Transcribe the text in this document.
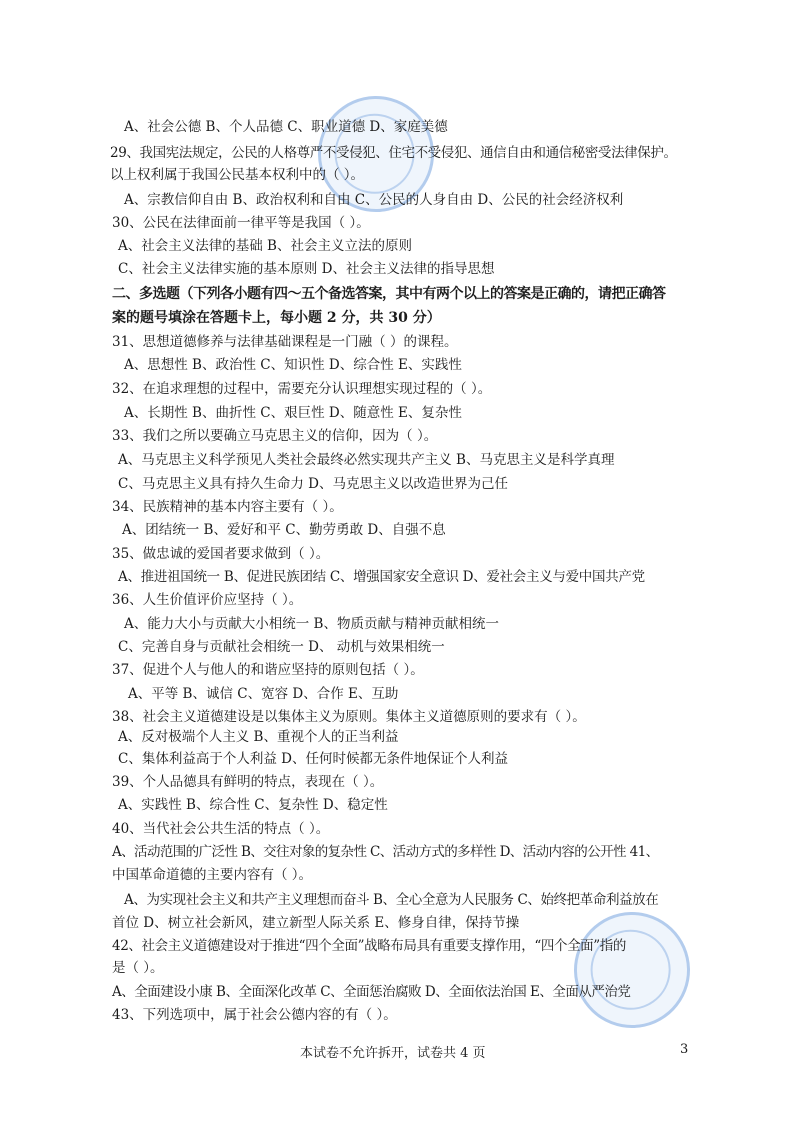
A、社会公德 B、个人品德 C、职业道德 D、家庭美德
29、我国宪法规定，公民的人格尊严不受侵犯、住宅不受侵犯、通信自由和通信秘密受法律保护。
以上权利属于我国公民基本权利中的（ ）。
A、宗教信仰自由 B、政治权利和自由 C、公民的人身自由 D、公民的社会经济权利
30、公民在法律面前一律平等是我国（ ）。
A、社会主义法律的基础 B、社会主义立法的原则
C、社会主义法律实施的基本原则 D、社会主义法律的指导思想
二、多选题（下列各小题有四～五个备选答案，其中有两个以上的答案是正确的，请把正确答
案的题号填涂在答题卡上，每小题 2 分，共 30 分）
31、思想道德修养与法律基础课程是一门融（ ）的课程。
A、思想性 B、政治性 C、知识性 D、综合性 E、实践性
32、在追求理想的过程中，需要充分认识理想实现过程的（ ）。
A、长期性 B、曲折性 C、艰巨性 D、随意性 E、复杂性
33、我们之所以要确立马克思主义的信仰，因为（ ）。
A、马克思主义科学预见人类社会最终必然实现共产主义 B、马克思主义是科学真理
C、马克思主义具有持久生命力 D、马克思主义以改造世界为己任
34、民族精神的基本内容主要有（ ）。
A、团结统一 B、爱好和平 C、勤劳勇敢 D、自强不息
35、做忠诚的爱国者要求做到（ ）。
A、推进祖国统一 B、促进民族团结 C、增强国家安全意识 D、爱社会主义与爱中国共产党
36、人生价值评价应坚持（ ）。
A、能力大小与贡献大小相统一 B、物质贡献与精神贡献相统一
C、完善自身与贡献社会相统一 D、 动机与效果相统一
37、促进个人与他人的和谐应坚持的原则包括（ ）。
A、平等 B、诚信 C、宽容 D、合作 E、互助
38、社会主义道德建设是以集体主义为原则。集体主义道德原则的要求有（ ）。
A、反对极端个人主义 B、重视个人的正当利益
C、集体利益高于个人利益 D、任何时候都无条件地保证个人利益
39、个人品德具有鲜明的特点，表现在（ ）。
A、实践性 B、综合性 C、复杂性 D、稳定性
40、当代社会公共生活的特点（ ）。
A、活动范围的广泛性 B、交往对象的复杂性 C、活动方式的多样性 D、活动内容的公开性 41、
中国革命道德的主要内容有（ ）。
A、为实现社会主义和共产主义理想而奋斗 B、全心全意为人民服务 C、始终把革命利益放在
首位 D、树立社会新风，建立新型人际关系 E、修身自律，保持节操
42、社会主义道德建设对于推进“四个全面”战略布局具有重要支撑作用，“四个全面”指的
是（ ）。
A、全面建设小康 B、全面深化改革 C、全面惩治腐败 D、全面依法治国 E、全面从严治党
43、下列选项中，属于社会公德内容的有（ ）。
本试卷不允许拆开，试卷共 4 页	3
